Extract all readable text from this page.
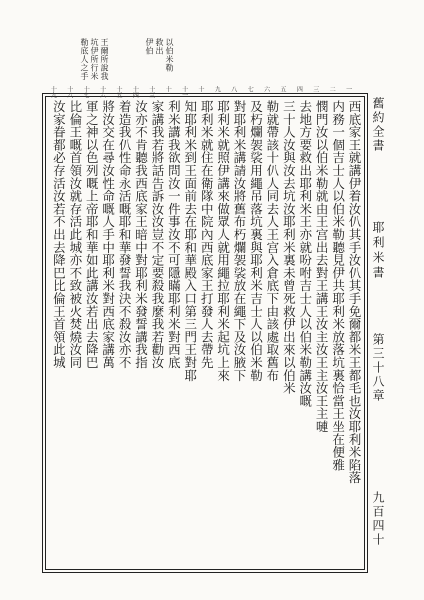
王爾所說我
坑伊所行米
勒底人之手	以伯米勒
救出
伊伯
一
二
三
四
五
六
七
八
九
十
十一
十二
十三
十四
十五
十六
十七
十八
十九
舊約全書
耶利米書
第三十八章
九百四十
西底家王就講伊着汝仈其手汝仈其手免爾都米王都毛也汝耶利米陷落
内務一個吉士人以伯米勒聽見伊共耶利米放落坑裏恰當王坐在便雅
憫門汝以伯米勒就由王宫出去對王講王汝主汝王主汝王主嗹
去地方要救出耶利米王亦就吩咐吉士人以伯米勒講汝嘅
三十人汝與汝去坑汝耶利米裏未曾死救伊出來以伯米
勒就帶該十仈人同去人王宫入倉底下由該處取舊布
及朽爛袈裟用繩吊落坑裏與耶利米吉士人以伯米勒
對耶利米講請汝將舊布朽爛袈裟放在繩下及汝腋下
耶利米就照伊講來做眾人就用繩拉耶利米起坑上來
耶利米就住在衛隊中院內西底家王打發人去帶先
知耶利米到王面前去在耶和華殿入口第三門王對耶
利米講我欲問汝一件事汝不可隱瞞耶利米對西底
家講我若將話告訴汝汝豈不定要殺我麼我若勸汝
汝亦不肯聽我西底家王暗中對耶利米發誓講我指
着造我仈性命永活嘅耶和華發誓我決不殺汝亦不
將汝交在尋汝性命嘅人手中耶利米對西底家講萬
軍之神以色列嘅上帝耶和華如此講汝若出去降巴
比倫王嘅首領汝就存活此城亦不致被火焚燒汝同
汝家眷都必存活汝若不出去降巴比倫王首領此城
